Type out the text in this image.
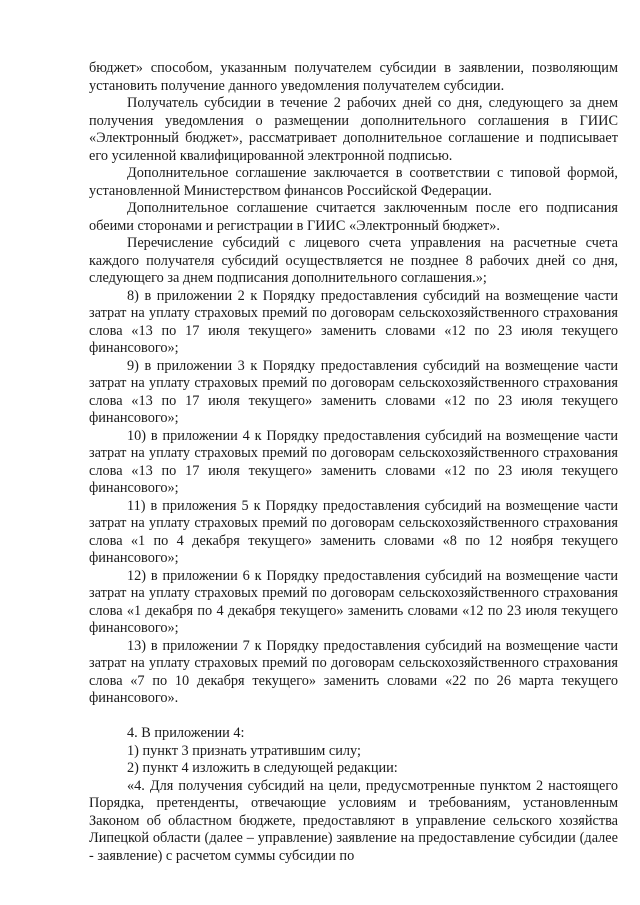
бюджет» способом, указанным получателем субсидии в заявлении, позволяющим установить получение данного уведомления получателем субсидии.

Получатель субсидии в течение 2 рабочих дней со дня, следующего за днем получения уведомления о размещении дополнительного соглашения в ГИИС «Электронный бюджет», рассматривает дополнительное соглашение и подписывает его усиленной квалифицированной электронной подписью.

Дополнительное соглашение заключается в соответствии с типовой формой, установленной Министерством финансов Российской Федерации.

Дополнительное соглашение считается заключенным после его подписания обеими сторонами и регистрации в ГИИС «Электронный бюджет».

Перечисление субсидий с лицевого счета управления на расчетные счета каждого получателя субсидий осуществляется не позднее 8 рабочих дней со дня, следующего за днем подписания дополнительного соглашения.»;

8) в приложении 2 к Порядку предоставления субсидий на возмещение части затрат на уплату страховых премий по договорам сельскохозяйственного страхования слова «13 по 17 июля текущего» заменить словами «12 по 23 июля текущего финансового»;

9) в приложении 3 к Порядку предоставления субсидий на возмещение части затрат на уплату страховых премий по договорам сельскохозяйственного страхования слова «13 по 17 июля текущего» заменить словами «12 по 23 июля текущего финансового»;

10) в приложении 4 к Порядку предоставления субсидий на возмещение части затрат на уплату страховых премий по договорам сельскохозяйственного страхования слова «13 по 17 июля текущего» заменить словами «12 по 23 июля текущего финансового»;

11) в приложения 5 к Порядку предоставления субсидий на возмещение части затрат на уплату страховых премий по договорам сельскохозяйственного страхования слова «1 по 4 декабря текущего» заменить словами «8 по 12 ноября текущего финансового»;

12) в приложении 6 к Порядку предоставления субсидий на возмещение части затрат на уплату страховых премий по договорам сельскохозяйственного страхования слова «1 декабря по 4 декабря текущего» заменить словами «12 по 23 июля текущего финансового»;

13) в приложении 7 к Порядку предоставления субсидий на возмещение части затрат на уплату страховых премий по договорам сельскохозяйственного страхования слова «7 по 10 декабря текущего» заменить словами «22 по 26 марта текущего финансового».

4. В приложении 4:

1) пункт 3 признать утратившим силу;

2) пункт 4 изложить в следующей редакции:

«4. Для получения субсидий на цели, предусмотренные пунктом 2 настоящего Порядка, претенденты, отвечающие условиям и требованиям, установленным Законом об областном бюджете, предоставляют в управление сельского хозяйства Липецкой области (далее – управление) заявление на предоставление субсидии (далее - заявление) с расчетом суммы субсидии по
